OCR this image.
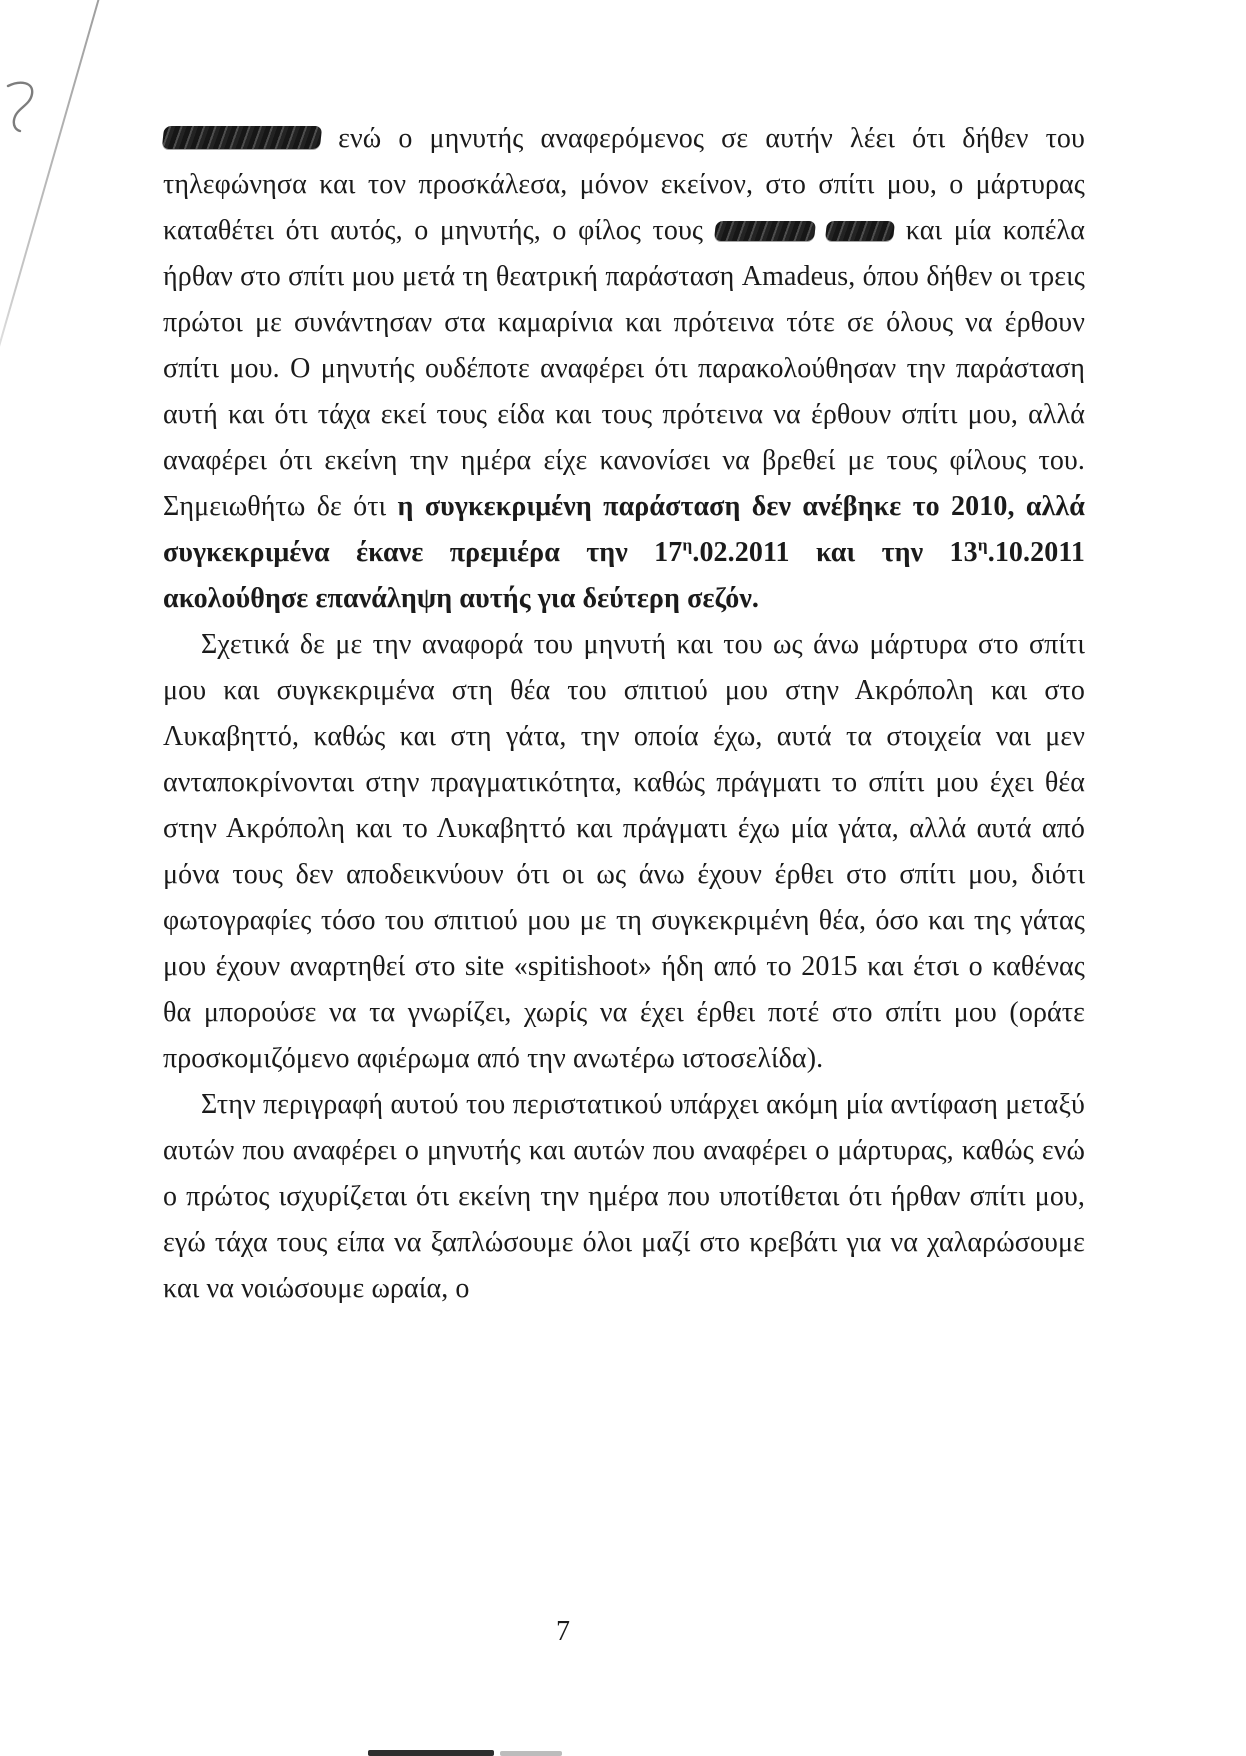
ενώ ο μηνυτής αναφερόμενος σε αυτήν λέει ότι δήθεν του τηλεφώνησα και τον προσκάλεσα, μόνον εκείνον, στο σπίτι μου, ο μάρτυρας καταθέτει ότι αυτός, ο μηνυτής, ο φίλος τους	και μία κοπέλα ήρθαν στο σπίτι μου μετά τη θεατρική παράσταση Amadeus, όπου δήθεν οι τρεις πρώτοι με συνάντησαν στα καμαρίνια και πρότεινα τότε σε όλους να έρθουν σπίτι μου. Ο μηνυτής ουδέποτε αναφέρει ότι παρακολούθησαν την παράσταση αυτή και ότι τάχα εκεί τους είδα και τους πρότεινα να έρθουν σπίτι μου, αλλά αναφέρει ότι εκείνη την ημέρα είχε κανονίσει να βρεθεί με τους φίλους του. Σημειωθήτω δε ότι η συγκεκριμένη παράσταση δεν ανέβηκε το 2010, αλλά συγκεκριμένα έκανε πρεμιέρα την $17^\eta.02.2011$ και την $13^\eta.10.2011$ ακολούθησε επανάληψη αυτής για δεύτερη σεζόν.

Σχετικά δε με την αναφορά του μηνυτή και του ως άνω μάρτυρα στο σπίτι μου και συγκεκριμένα στη θέα του σπιτιού μου στην Ακρόπολη και στο Λυκαβηττό, καθώς και στη γάτα, την οποία έχω, αυτά τα στοιχεία ναι μεν ανταποκρίνονται στην πραγματικότητα, καθώς πράγματι το σπίτι μου έχει θέα στην Ακρόπολη και το Λυκαβηττό και πράγματι έχω μία γάτα, αλλά αυτά από μόνα τους δεν αποδεικνύουν ότι οι ως άνω έχουν έρθει στο σπίτι μου, διότι φωτογραφίες τόσο του σπιτιού μου με τη συγκεκριμένη θέα, όσο και της γάτας μου έχουν αναρτηθεί στο site «spitishoot» ήδη από το 2015 και έτσι ο καθένας θα μπορούσε να τα γνωρίζει, χωρίς να έχει έρθει ποτέ στο σπίτι μου (οράτε προσκομιζόμενο αφιέρωμα από την ανωτέρω ιστοσελίδα).

Στην περιγραφή αυτού του περιστατικού υπάρχει ακόμη μία αντίφαση μεταξύ αυτών που αναφέρει ο μηνυτής και αυτών που αναφέρει ο μάρτυρας, καθώς ενώ ο πρώτος ισχυρίζεται ότι εκείνη την ημέρα που υποτίθεται ότι ήρθαν σπίτι μου, εγώ τάχα τους είπα να ξαπλώσουμε όλοι μαζί στο κρεβάτι για να χαλαρώσουμε και να νοιώσουμε ωραία, ο

7
